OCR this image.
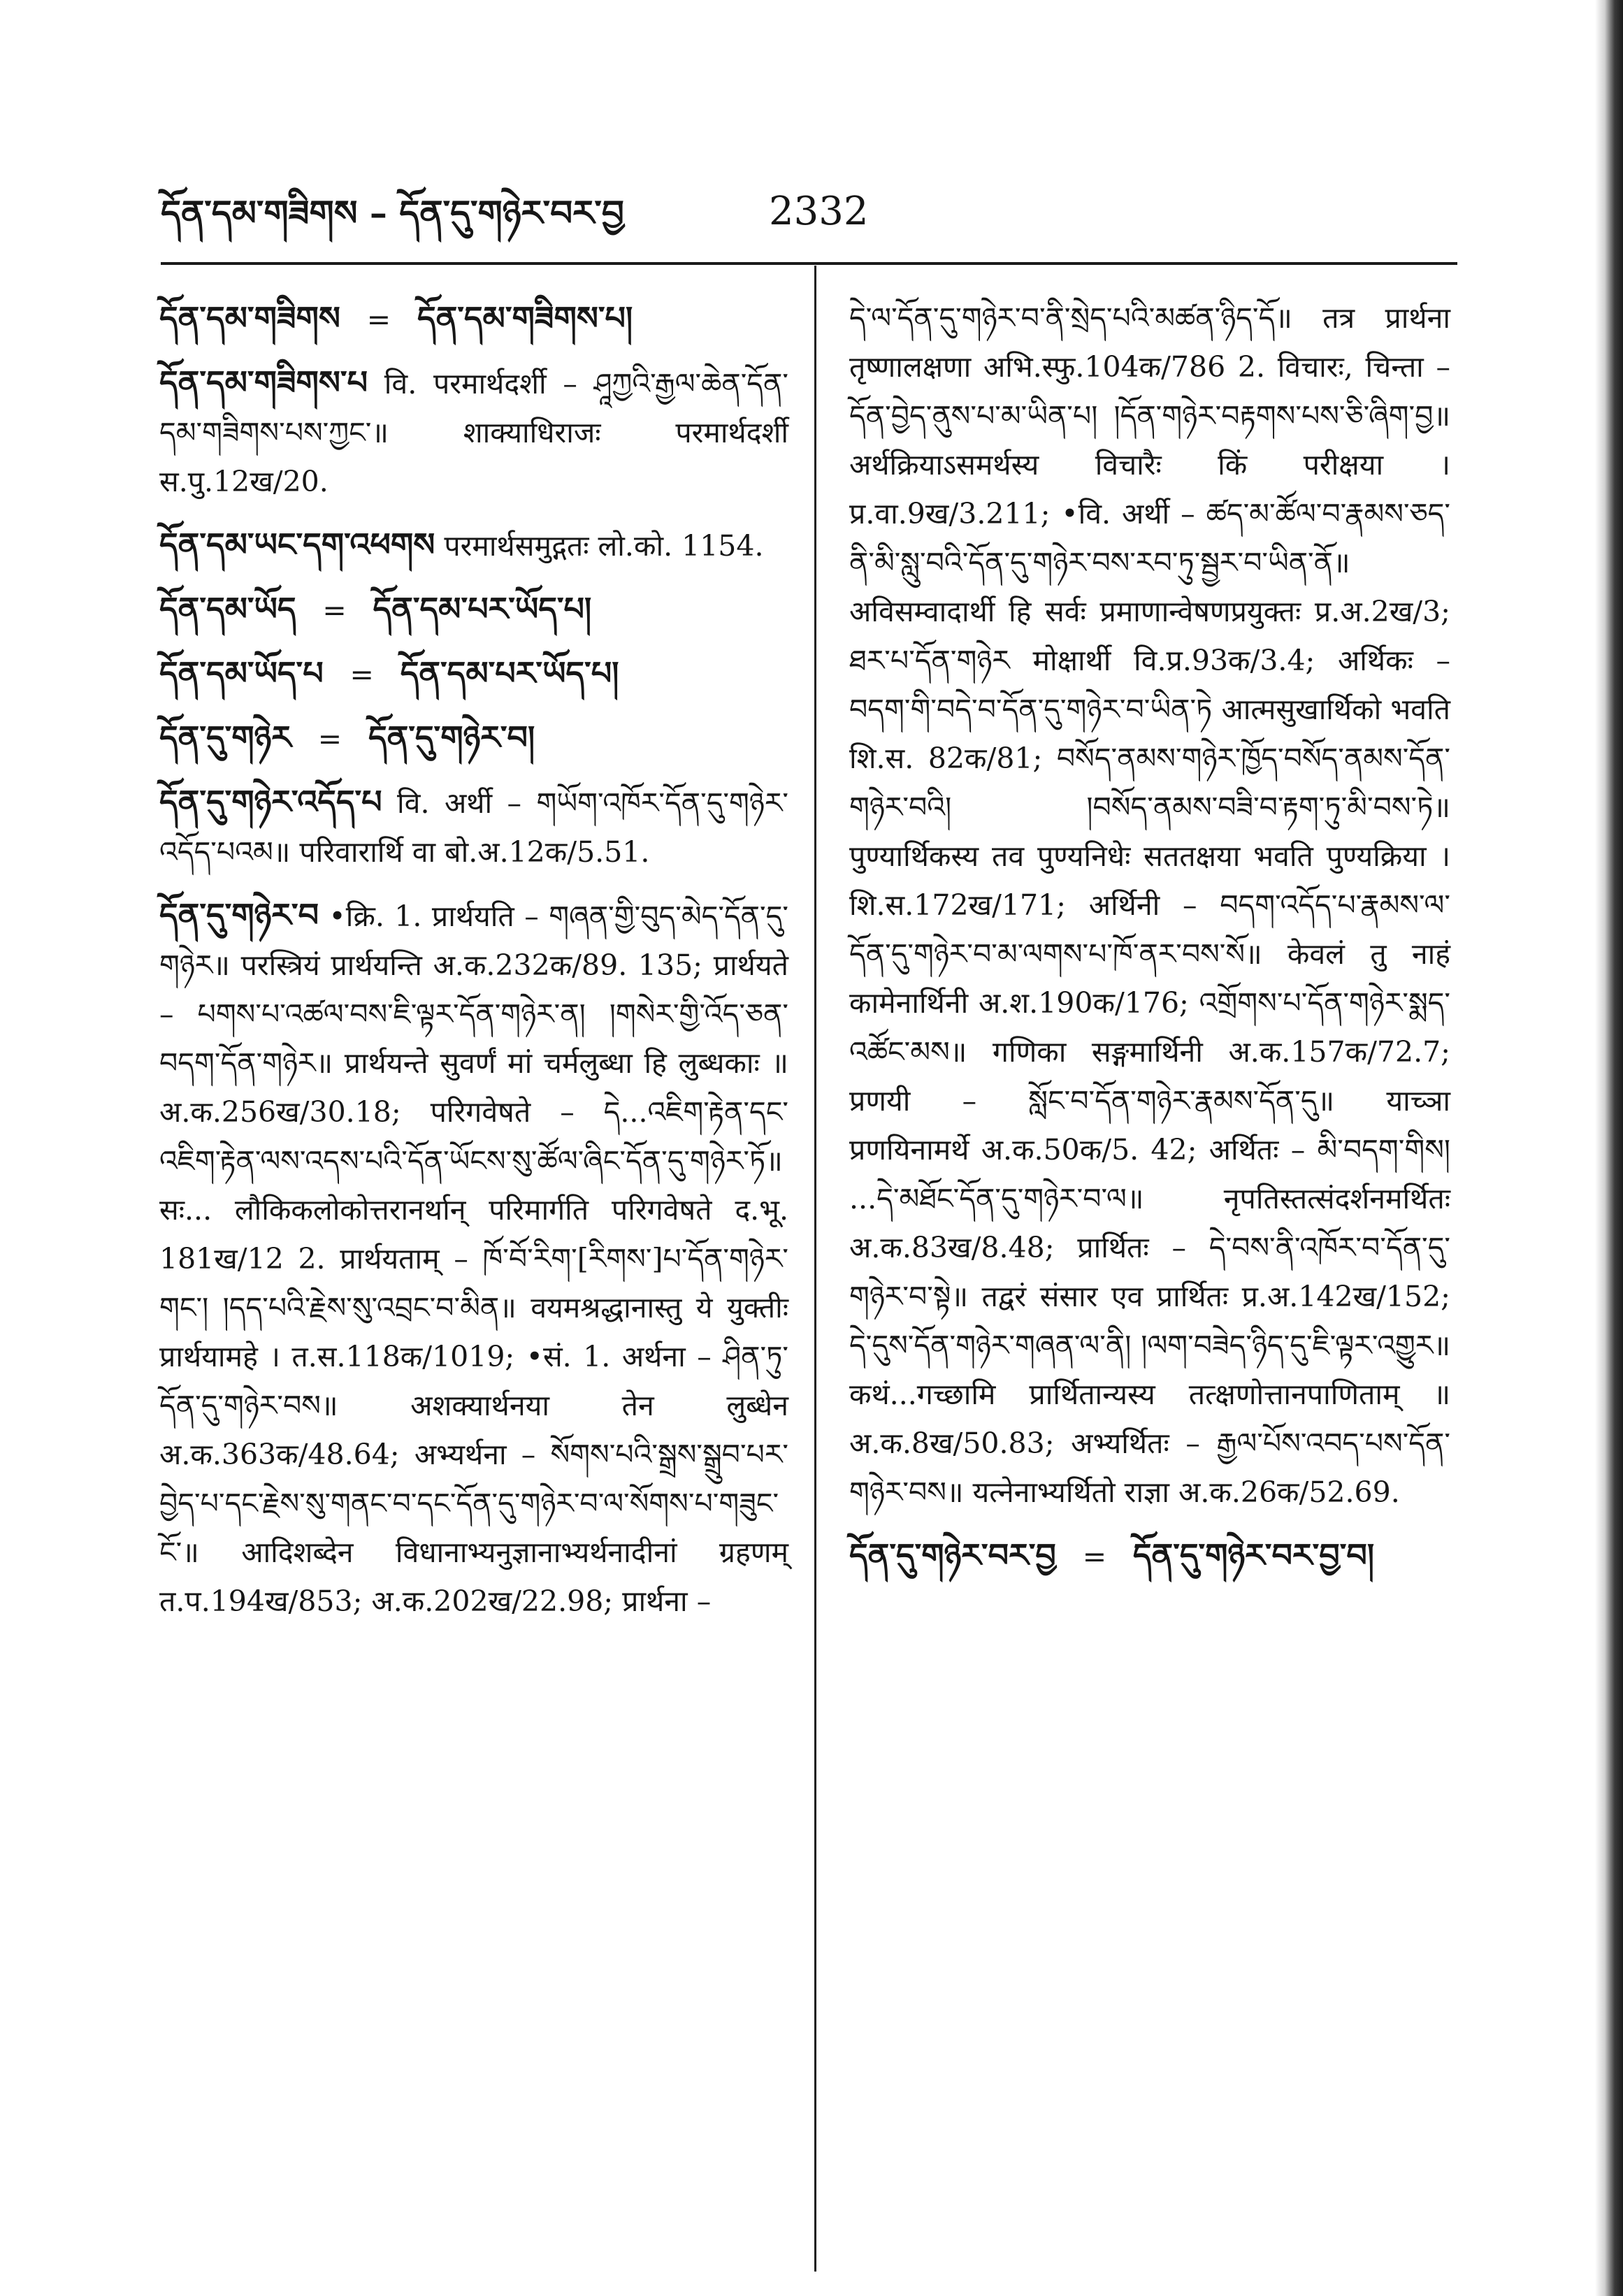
དོན་དམ་གཟིགས – དོན་དུ་གཉེར་བར་བྱ	2332
དོན་དམ་གཟིགས = དོན་དམ་གཟིགས་པ།
དོན་དམ་གཟིགས་པ वि. परमार्थदर्शी – ཤཱཀྱའི་རྒྱལ་ཆེན་དོན་དམ་གཟིགས་པས་ཀྱང་॥ शाक्याधिराजः परमार्थदर्शी स.पु.12ख/20.
དོན་དམ་ཡང་དག་འཕགས परमार्थसमुद्गतः लो.को. 1154.
དོན་དམ་ཡོད = དོན་དམ་པར་ཡོད་པ།
དོན་དམ་ཡོད་པ = དོན་དམ་པར་ཡོད་པ།
དོན་དུ་གཉེར = དོན་དུ་གཉེར་བ།
དོན་དུ་གཉེར་འདོད་པ वि. अर्थी – གཡོག་འཁོར་དོན་དུ་གཉེར་འདོད་པའམ॥ परिवारार्थि वा बो.अ.12क/5.51.
དོན་དུ་གཉེར་བ •क्रि. 1. प्रार्थयति – གཞན་གྱི་བུད་མེད་དོན་དུ་གཉེར॥ परस्त्रियं प्रार्थयन्ति अ.क.232क/89. 135; प्रार्थयते – པགས་པ་འཚལ་བས་ཇི་ལྟར་དོན་གཉེར་ན། །གསེར་གྱི་འོད་ཅན་བདག་དོན་གཉེར॥ प्रार्थयन्ते सुवर्णं मां चर्मलुब्धा हि लुब्धकाः ॥ अ.क.256ख/30.18; परिगवेषते – དེ...འཇིག་རྟེན་དང་འཇིག་རྟེན་ལས་འདས་པའི་དོན་ཡོངས་སུ་ཚོལ་ཞིང་དོན་དུ་གཉེར་ཏོ॥ सः... लौकिकलोकोत्तरानर्थान् परिमार्गति परिगवेषते द.भू. 181ख/12 2. प्रार्थयताम् – ཁོ་བོ་རིག་[རིགས་]པ་དོན་གཉེར་གང་། །དད་པའི་རྗེས་སུ་འབྲང་བ་མིན॥ वयमश्रद्धानास्तु ये युक्तीः प्रार्थयामहे । त.स.118क/1019; •सं. 1. अर्थना – ཤིན་ཏུ་དོན་དུ་གཉེར་བས॥ अशक्यार्थनया तेन लुब्धेन अ.क.363क/48.64; अभ्यर्थना – སོགས་པའི་སྒྲས་སྒྲུབ་པར་བྱེད་པ་དང་རྗེས་སུ་གནང་བ་དང་དོན་དུ་གཉེར་བ་ལ་སོགས་པ་གཟུང་ངོ་॥ आदिशब्देन विधानाभ्यनुज्ञानाभ्यर्थनादीनां ग्रहणम् त.प.194ख/853; अ.क.202ख/22.98; प्रार्थना –
དེ་ལ་དོན་དུ་གཉེར་བ་ནི་སྲེད་པའི་མཚན་ཉིད་དོ॥ तत्र प्रार्थना तृष्णालक्षणा अभि.स्फु.104क/786 2. विचारः, चिन्ता – དོན་བྱེད་ནུས་པ་མ་ཡིན་པ། །དོན་གཉེར་བརྟགས་པས་ཅི་ཞིག་བྱ॥ अर्थक्रियाऽसमर्थस्य विचारैः किं परीक्षया । प्र.वा.9ख/3.211; •वि. अर्थी – ཚད་མ་ཚོལ་བ་རྣམས་ཅད་ནི་མི་སླུ་བའི་དོན་དུ་གཉེར་བས་རབ་ཏུ་སྦྱར་བ་ཡིན་ནོ॥ अविसम्वादार्थी हि सर्वः प्रमाणान्वेषणप्रयुक्तः प्र.अ.2ख/3; ཐར་པ་དོན་གཉེར मोक्षार्थी वि.प्र.93क/3.4; अर्थिकः – བདག་གི་བདེ་བ་དོན་དུ་གཉེར་བ་ཡིན་ཏེ आत्मसुखार्थिको भवति शि.स. 82क/81; བསོད་ནམས་གཉེར་ཁྱོད་བསོད་ནམས་དོན་གཉེར་བའི། །བསོད་ནམས་བཟི་བ་རྟག་ཏུ་མི་བས་ཏེ॥ पुण्यार्थिकस्य तव पुण्यनिधेः सततक्षया भवति पुण्यक्रिया । शि.स.172ख/171; अर्थिनी – བདག་འདོད་པ་རྣམས་ལ་དོན་དུ་གཉེར་བ་མ་ལགས་པ་ཁོ་ནར་བས་སོ॥ केवलं तु नाहं कामेनार्थिनी अ.श.190क/176; འགྲོགས་པ་དོན་གཉེར་སྨད་འཚོང་མས॥ गणिका सङ्गमार्थिनी अ.क.157क/72.7; प्रणयी – སློང་བ་དོན་གཉེར་རྣམས་དོན་དུ॥ याच्ञा प्रणयिनामर्थे अ.क.50क/5. 42; अर्थितः – མི་བདག་གིས། ...དེ་མཐོང་དོན་དུ་གཉེར་བ་ལ॥ नृपतिस्तत्संदर्शनमर्थितः अ.क.83ख/8.48; प्रार्थितः – དེ་བས་ནི་འཁོར་བ་དོན་དུ་གཉེར་བ་སྟེ॥ तद्वरं संसार एव प्रार्थितः प्र.अ.142ख/152; དེ་དུས་དོན་གཉེར་གཞན་ལ་ནི། །ལག་བཟེད་ཉིད་དུ་ཇི་ལྟར་འགྱུར॥ कथं...गच्छामि प्रार्थितान्यस्य तत्क्षणोत्तानपाणिताम् ॥ अ.क.8ख/50.83; अभ्यर्थितः – རྒྱལ་པོས་འབད་པས་དོན་གཉེར་བས॥ यत्नेनाभ्यर्थितो राज्ञा अ.क.26क/52.69.
དོན་དུ་གཉེར་བར་བྱ = དོན་དུ་གཉེར་བར་བྱ་བ།
